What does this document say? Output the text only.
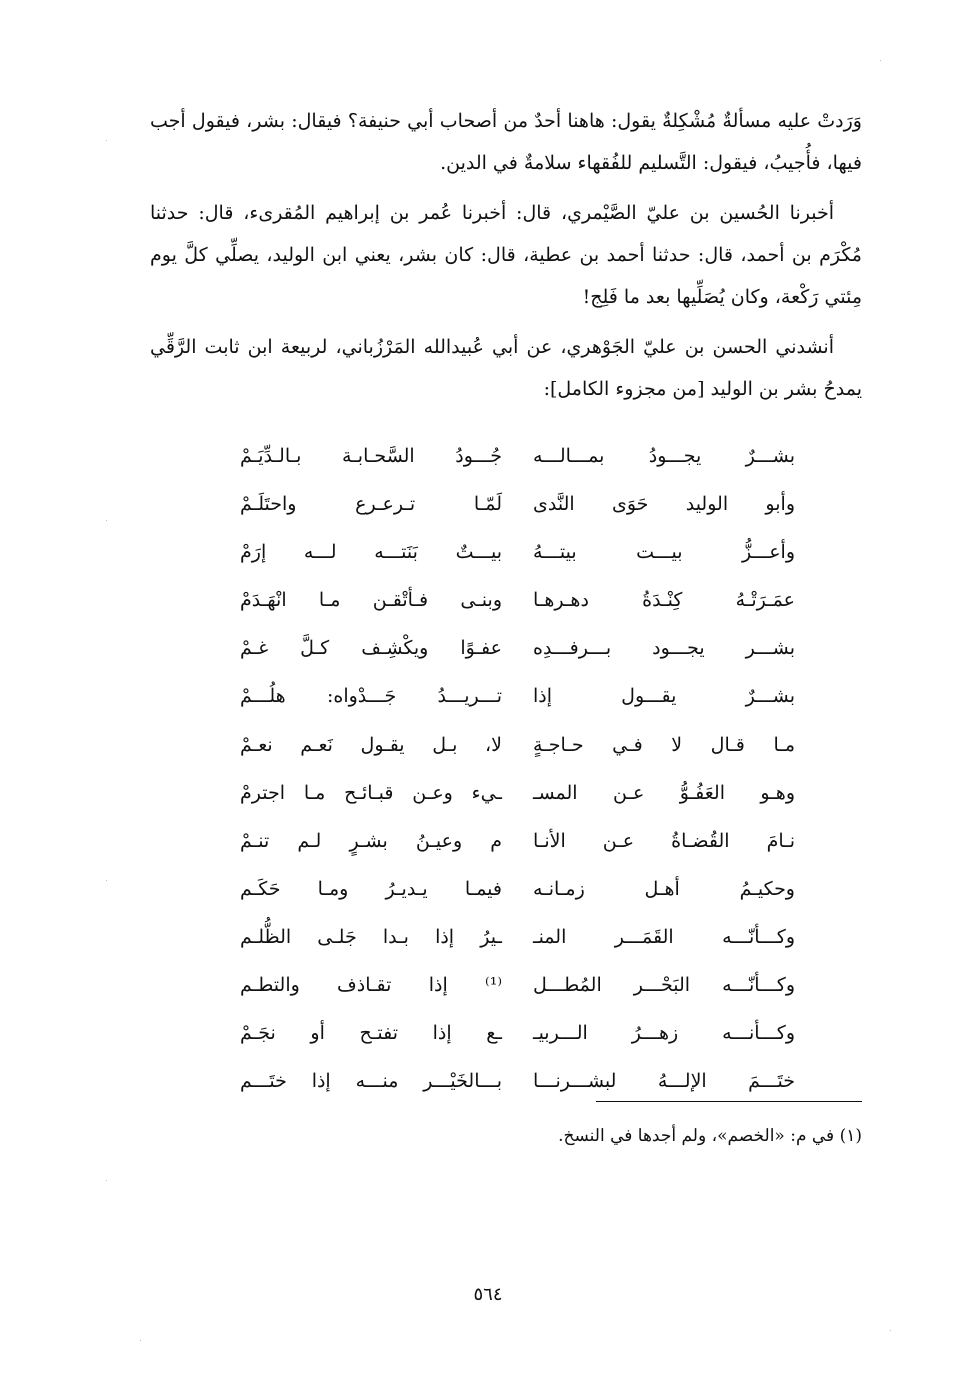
وَرَدتْ عليه مسألةٌ مُشْكِلةٌ يقول: هاهنا أحدٌ من أصحاب أبي حنيفة؟ فيقال: بشر، فيقول أجب فيها، فأُجيبُ، فيقول: التَّسليم للفُقهاء سلامةٌ في الدين.

أخبرنا الحُسين بن عليّ الصَّيْمري، قال: أخبرنا عُمر بن إبراهيم المُقرىء، قال: حدثنا مُكْرَم بن أحمد، قال: حدثنا أحمد بن عطية، قال: كان بشر، يعني ابن الوليد، يصلِّي كلَّ يوم مِئتي رَكْعة، وكان يُصَلِّيها بعد ما فَلِج!

أنشدني الحسن بن عليّ الجَوْهري، عن أبي عُبيدالله المَرْزُباني، لربيعة ابن ثابت الرَّقِّي يمدحُ بشر بن الوليد [من مجزوء الكامل]:

بشـــرٌ يجـــودُ بمـــالـــه
جُـــودُ السَّحـابـة بـالـدِّيَـمْ
وأبو الوليد حَوَى النَّدى
لَمّـا تـرعـرع واحتَلَـمْ
وأعـــزُّ بيـــت بيتـــهُ
بيـــتٌ بَنَتـــه لـــه إرَمْ
عمَـرَتْـهُ كِنْـدَةُ دهـرهـا
وبنـى فـأتْقـن مـا انْهَـدَمْ
بشـــر يجـــود بـــرفـــدِه
عفـوًا ويكْشِـف كـلَّ غـمْ
بشـــرٌ يقـــول إذا
تـــريـــدُ جَـــدْواه: هلُـــمْ
مـا قـال لا فـي حـاجـةٍ
لا، بـل يقـول نَعـم نعـمْ
وهـو العَفُـوُّ عـن المسـ
ـيء وعـن قبـائـح مـا اجترمْ
نـامَ القُضـاةُ عـن الأنـا
م وعيـنُ بشـرٍ لـم تنـمْ
وحكيـمُ أهـل زمـانـه
فيمـا يـديـرُ ومـا حَكَـم
وكـــأنّـــه القَمَـــر المنـ
ـيرُ إذا بـدا جَلـى الظُّلـم
وكـــأنّـــه البَحْـــر المُطـــل
⁽¹⁾ إذا تقـاذف والتطـم
وكـــأنـــه زهـــرُ الـــربيـ
ـع إذا تفتـح أو نجَـمْ
ختَـــمَ الإلـــهُ لبشـــرنـــا
بـــالخَيْـــر منـــه إذا ختَـــم
(١) في م: «الخصم»، ولم أجدها في النسخ.
٥٦٤
